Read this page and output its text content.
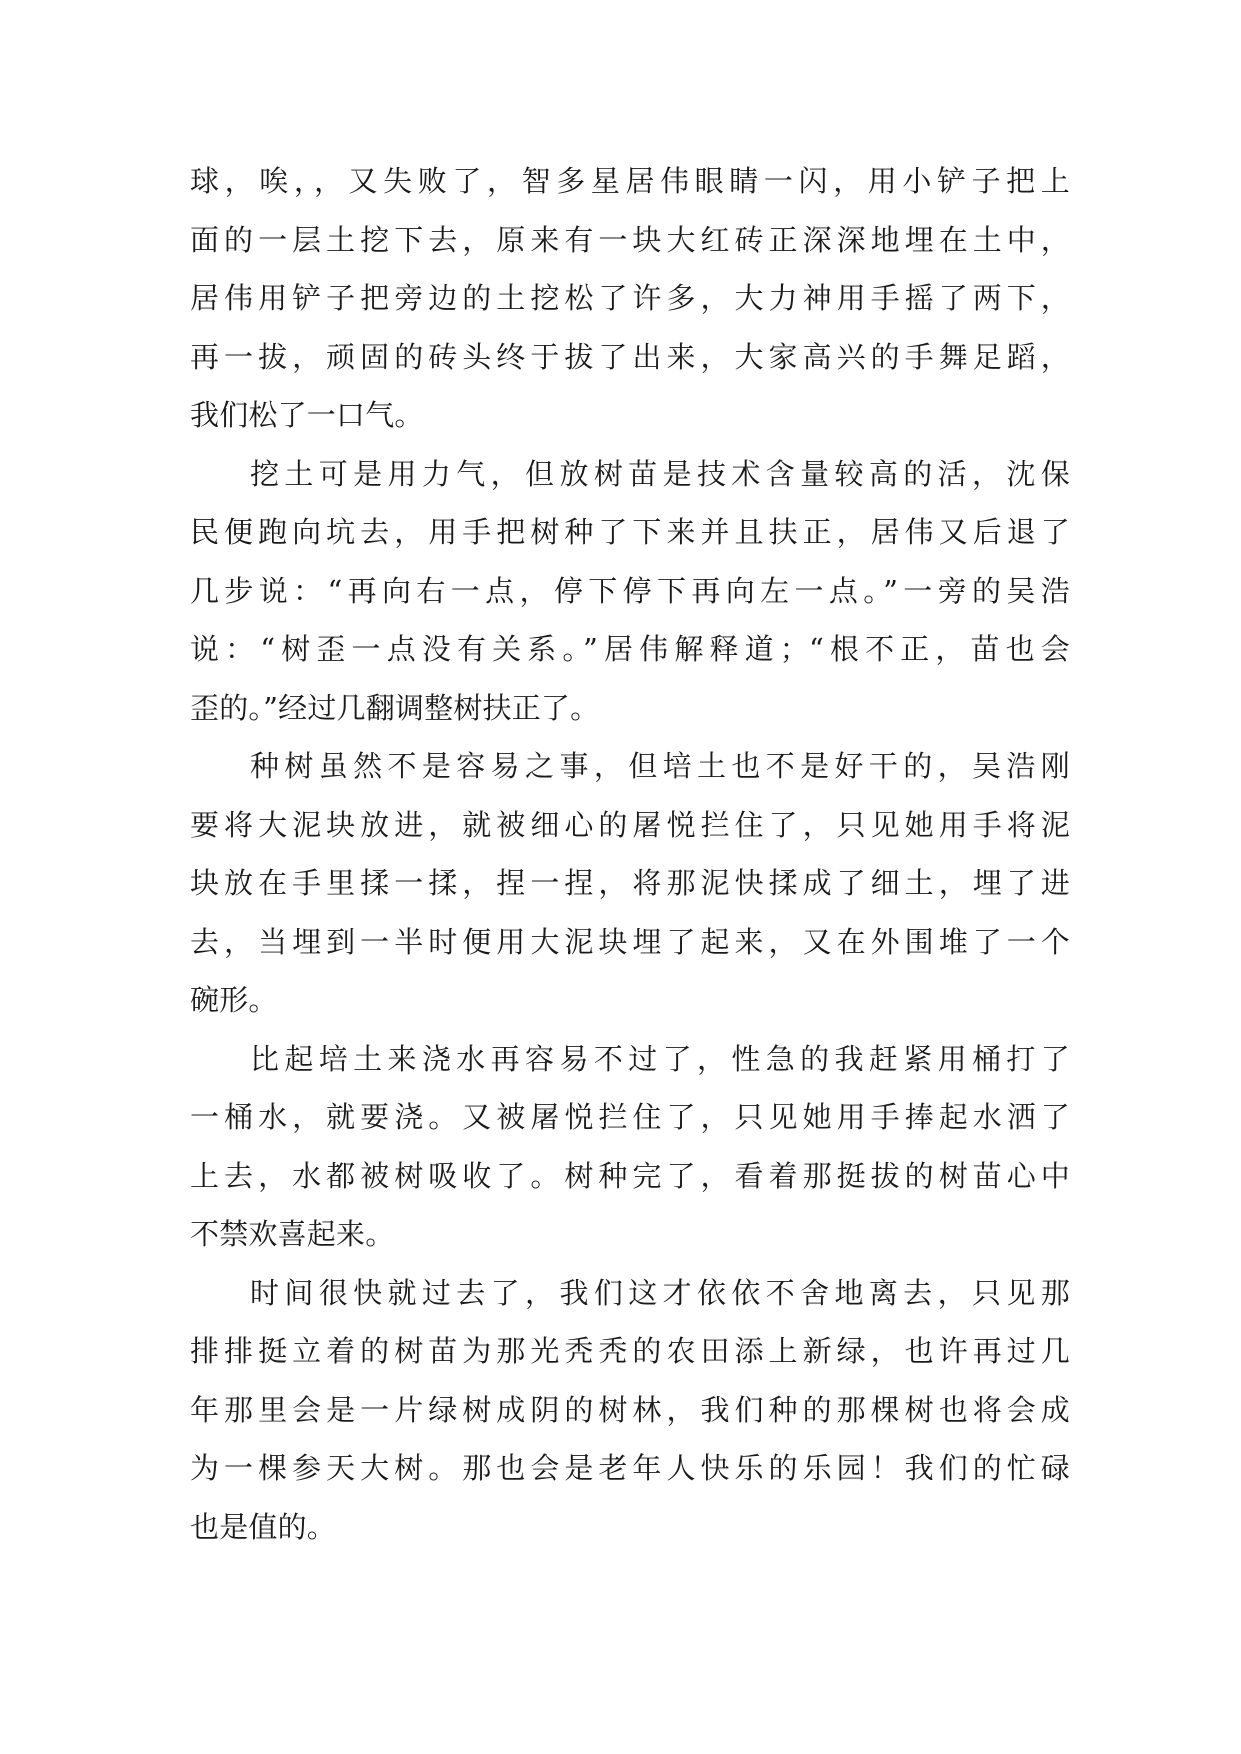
球，唉，，又失败了，智多星居伟眼睛一闪，用小铲子把上
面的一层土挖下去，原来有一块大红砖正深深地埋在土中，
居伟用铲子把旁边的土挖松了许多，大力神用手摇了两下，
再一拔，顽固的砖头终于拔了出来，大家高兴的手舞足蹈，
我们松了一口气。
挖土可是用力气，但放树苗是技术含量较高的活，沈保
民便跑向坑去，用手把树种了下来并且扶正，居伟又后退了
几步说：“再向右一点，停下停下再向左一点。”一旁的吴浩
说：“树歪一点没有关系。”居伟解释道；“根不正，苗也会
歪的。”经过几翻调整树扶正了。
种树虽然不是容易之事，但培土也不是好干的，吴浩刚
要将大泥块放进，就被细心的屠悦拦住了，只见她用手将泥
块放在手里揉一揉，捏一捏，将那泥快揉成了细土，埋了进
去，当埋到一半时便用大泥块埋了起来，又在外围堆了一个
碗形。
比起培土来浇水再容易不过了，性急的我赶紧用桶打了
一桶水，就要浇。又被屠悦拦住了，只见她用手捧起水洒了
上去，水都被树吸收了。树种完了，看着那挺拔的树苗心中
不禁欢喜起来。
时间很快就过去了，我们这才依依不舍地离去，只见那
排排挺立着的树苗为那光秃秃的农田添上新绿，也许再过几
年那里会是一片绿树成阴的树林，我们种的那棵树也将会成
为一棵参天大树。那也会是老年人快乐的乐园！我们的忙碌
也是值的。
